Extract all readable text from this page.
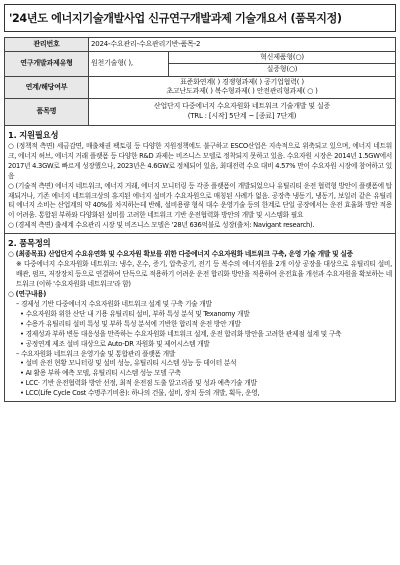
'24년도 에너지기술개발사업 신규연구개발과제 기술개요서 (품목지정)
관리번호	2024-수요관리-수요관리기반-품목-2	
연구개발과제유형	원천기술형( ),	혁신제품형(○)
실증형(○)

연계/해당여부	표준화연계( ) 경쟁형과제( ) 공기업협력( )
초고난도과제( ) 복수형과제( ) 안전관리형과제( ○ )	

품목명	산업단지 다중에너지 수요자원화 네트워크 기술개발 및 실증
(TRL : [시작] 5단계 ~ [종료] 7단계)	
1. 지원필요성
○ (정책적 측면) 세금감면, 매출채권 팩토링 등 다양한 지원정책에도 불구하고 ESCO산업은 지속적으로 위축되고 있으며, 에너지 네트워크, 에너지 허브, 에너지 거래 플랫폼 등 다양한 R&D 과제는 비즈니스 모델로 정착되지 못하고 있음. 수요자원 시장은 2014년 1.5GW에서 2017년 4.3GW로 빠르게 성장했으나, 2023년은 4.6GW로 정체되어 있음, 최대전력 수요 대비 4.57% 만이 수요자원 시장에 참여하고 있음
○ (기술적 측면) 에너지 네트워크, 에너지 거래, 에너지 모니터링 등 각종 플랫폼이 개발되었으나 유틸리티 운전 협력형 방안이 플랫폼에 탑재되거나, 기존 에너지 네트워크상의 휴지된 에너지 설비가 수요자원으로 매칭된 사례가 없음. 공장측 냉동기, 냉동기, 보일러 같은 유틸리티 에너지 소비는 산업계의 약 40%를 차지하는데 반해, 설비용량 형식 대수 운영기술 등의 한계로 단일 공장에서는 운전 효율화 방안 적용이 어려움. 통합된 부하와 다양화된 설비를 고려한 네트워크 기반 운전협력화 방안의 개발 및 시스템화 필요
○ (경제적 측면) 출세계 수요관리 시장 및 비즈니스 모델은 '28년 636억불로 성장(출처: Navigant research).
2. 품목정의
○ (최종목표) 산업단지 수요유연화 및 수요자원 확보를 위한 다중에너지 수요자원화 네트워크 구축, 운영 기술 개발 및 실증
※ 다중에너지 수요자원화 네트워크: 냉수, 온수, 증기, 압축공기, 전기 등 복수의 에너지원을 2개 이상 공장을 대상으로 유틸리티 설비, 배관, 펌프, 저장장치 등으로 연결하여 단독으로 적용하기 어려운 운전 합리화 방안을 적용하여 운전효율 개선과 수요자원을 확보하는 네트워크 (이하 '수요자원화 네트워크'라 함)
○ (연구내용)
– 경제성 기반 다중에너지 수요자원화 네트워크 설계 및 구축 기술 개발
• 수요자원화 위한 산단 내 기용 유틸리티 설비, 부하 특성 분석 및 Texanomy 개발
• 수용가 유틸리티 설비 특성 및 부하 특성 분석에 기반한 합리적 운전 방안 개발
• 경제성과 부하 변동 대응성을 만족하는 수요자원화 네트워크 설계, 운전 합리화 방안을 고려한 관제점 설계 및 구축
• 공정연계 제조 설비 대상으로 Auto-DR 자원화 및 제어시스템 개발
– 수요자원화 네트워크 운영기술 및 통합관리 플랫폼 개발
• 설비 운전 현황 모니터링 및 설비 성능, 유틸리티 시스템 성능 등 데이터 분석
• AI 활용 부하 예측 모델, 유틸리티 시스템 성능 모델 구축
• LCC· 기반 운전협력화 방안 선정, 최적 운전점 도출 알고리즘 및 성과 예측기술 개발
• LCC(Life Cycle Cost 수명주기비용): 하나의 건물, 설비, 장치 등의 개발, 획득, 운영,
